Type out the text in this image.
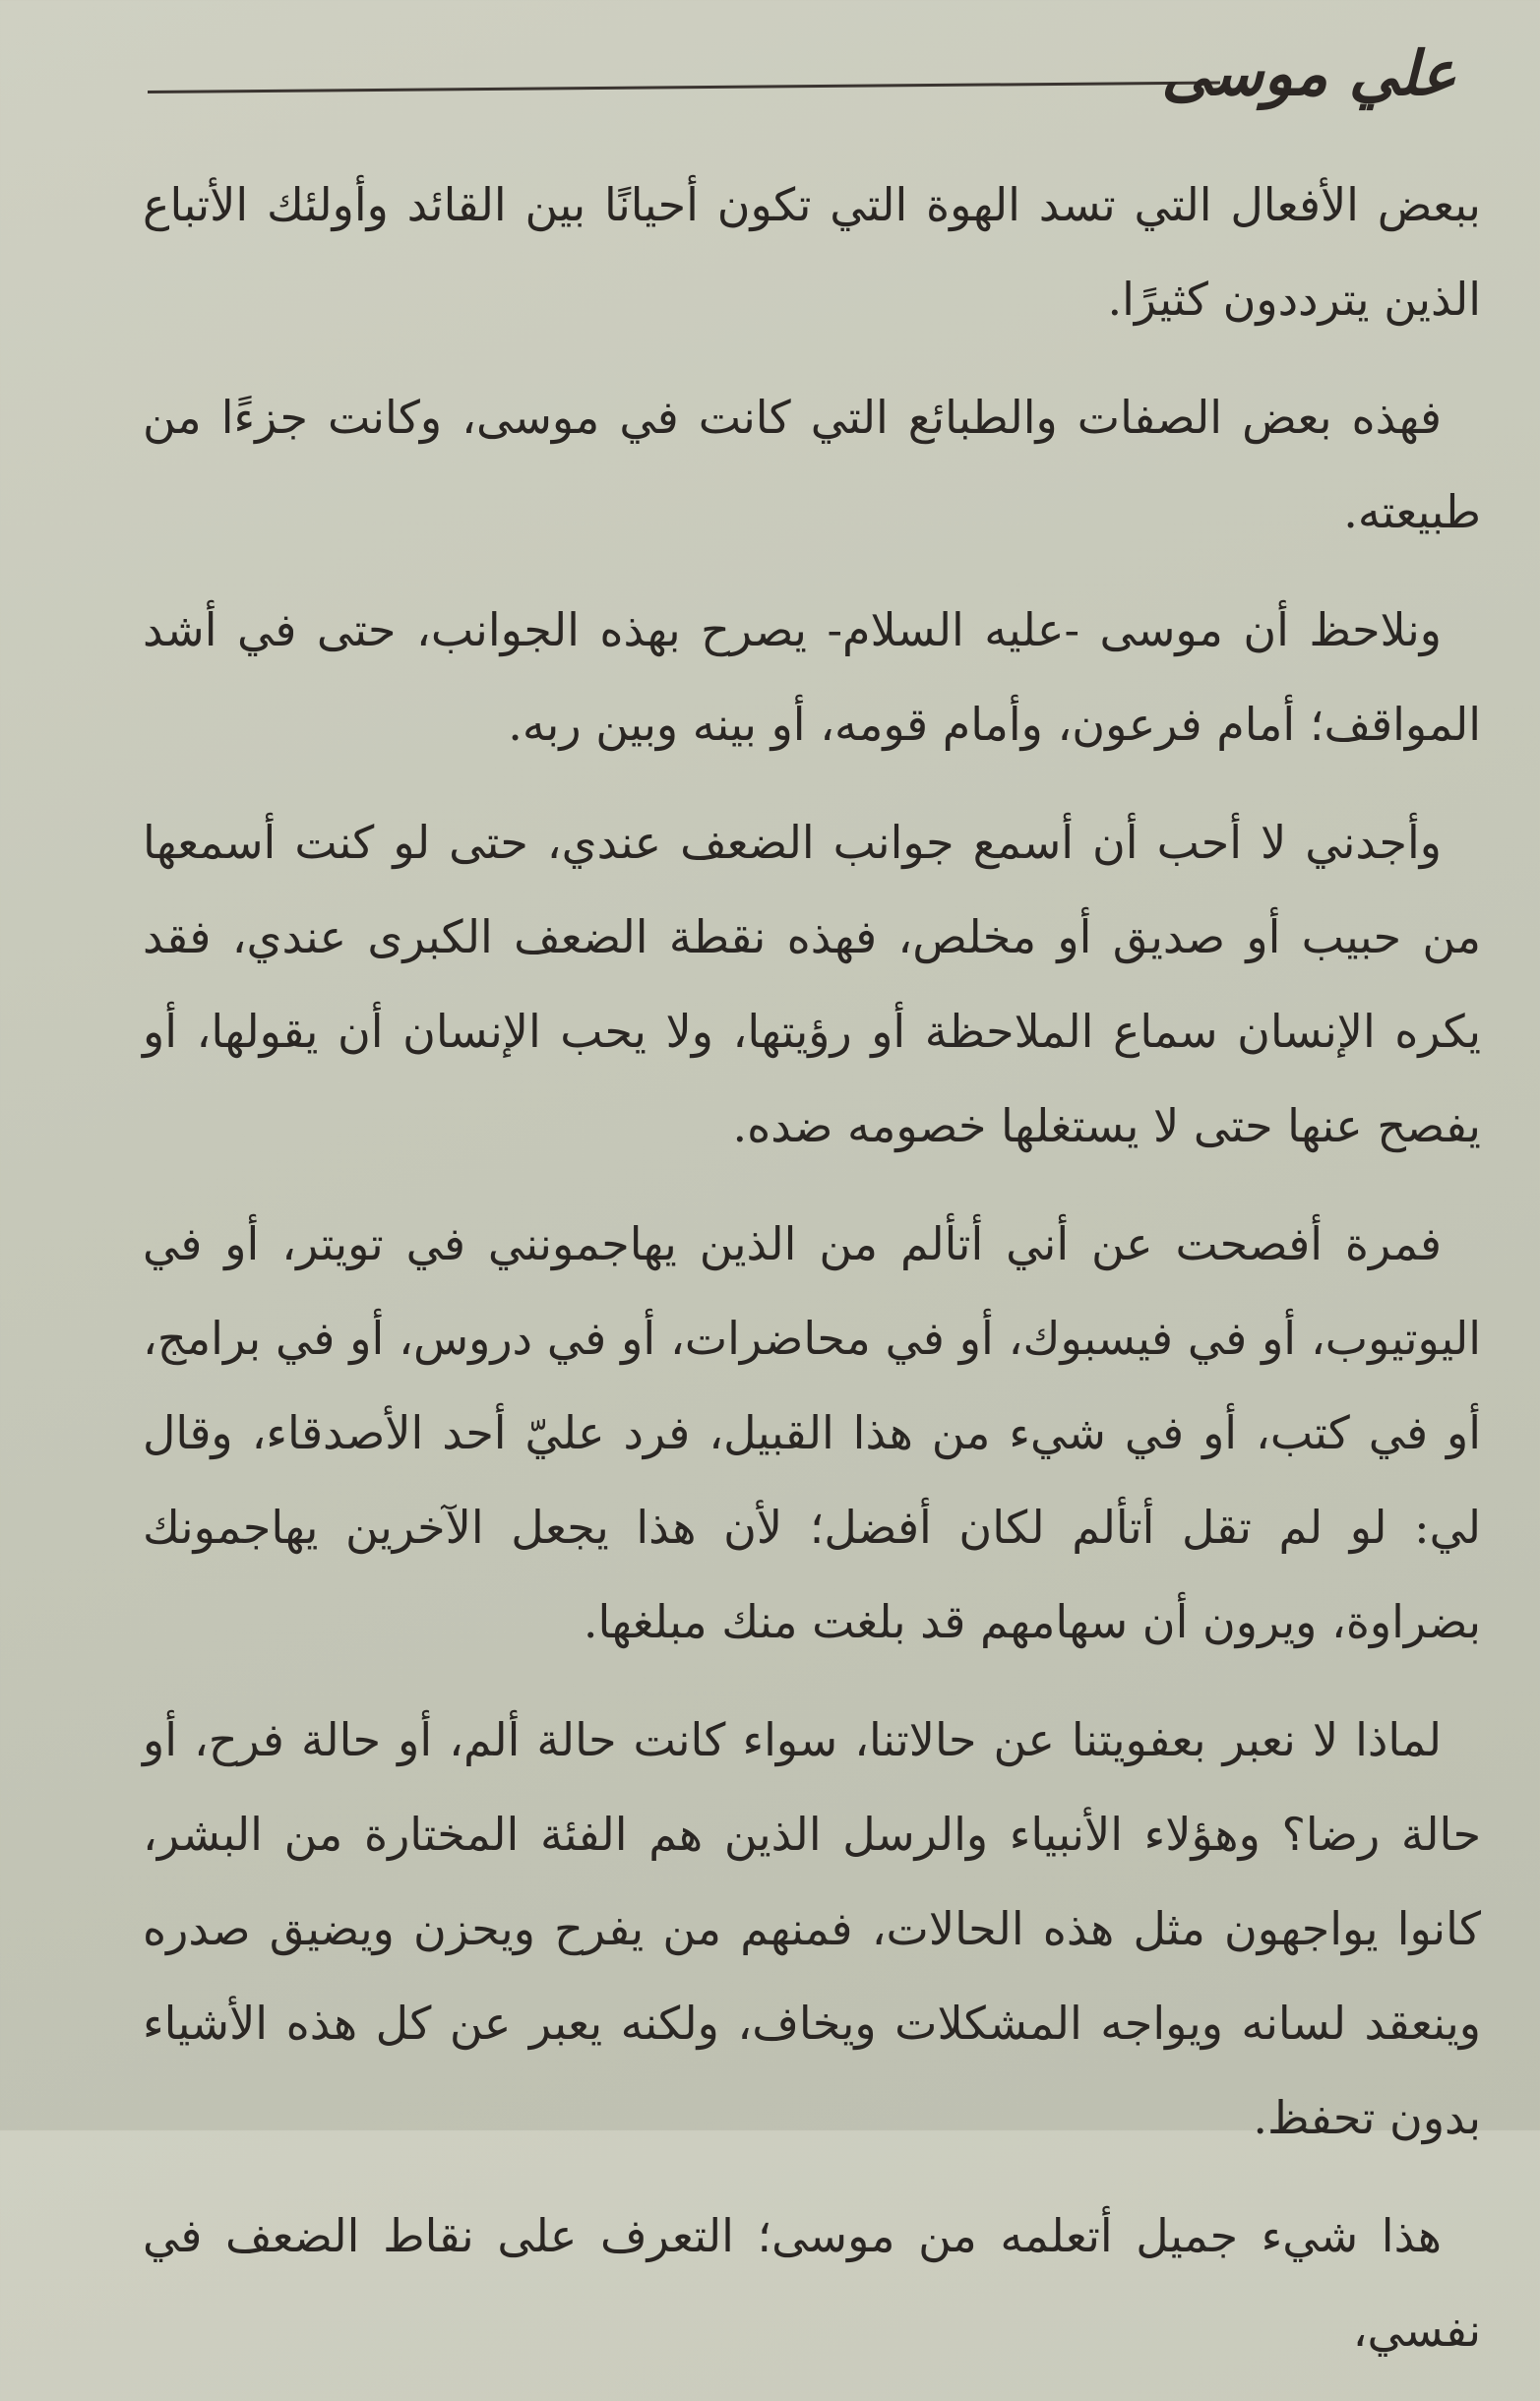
علي موسى

ببعض الأفعال التي تسد الهوة التي تكون أحيانًا بين القائد وأولئك الأتباع الذين يترددون كثيرًا.

فهذه بعض الصفات والطبائع التي كانت في موسى، وكانت جزءًا من طبيعته.

ونلاحظ أن موسى -عليه السلام- يصرح بهذه الجوانب، حتى في أشد المواقف؛ أمام فرعون، وأمام قومه، أو بينه وبين ربه.

وأجدني لا أحب أن أسمع جوانب الضعف عندي، حتى لو كنت أسمعها من حبيب أو صديق أو مخلص، فهذه نقطة الضعف الكبرى عندي، فقد يكره الإنسان سماع الملاحظة أو رؤيتها، ولا يحب الإنسان أن يقولها، أو يفصح عنها حتى لا يستغلها خصومه ضده.

فمرة أفصحت عن أني أتألم من الذين يهاجمونني في تويتر، أو في اليوتيوب، أو في فيسبوك، أو في محاضرات، أو في دروس، أو في برامج، أو في كتب، أو في شيء من هذا القبيل، فرد عليّ أحد الأصدقاء، وقال لي: لو لم تقل أتألم لكان أفضل؛ لأن هذا يجعل الآخرين يهاجمونك بضراوة، ويرون أن سهامهم قد بلغت منك مبلغها.

لماذا لا نعبر بعفويتنا عن حالاتنا، سواء كانت حالة ألم، أو حالة فرح، أو حالة رضا؟ وهؤلاء الأنبياء والرسل الذين هم الفئة المختارة من البشر، كانوا يواجهون مثل هذه الحالات، فمنهم من يفرح ويحزن ويضيق صدره وينعقد لسانه ويواجه المشكلات ويخاف، ولكنه يعبر عن كل هذه الأشياء بدون تحفظ.

هذا شيء جميل أتعلمه من موسى؛ التعرف على نقاط الضعف في نفسي،
